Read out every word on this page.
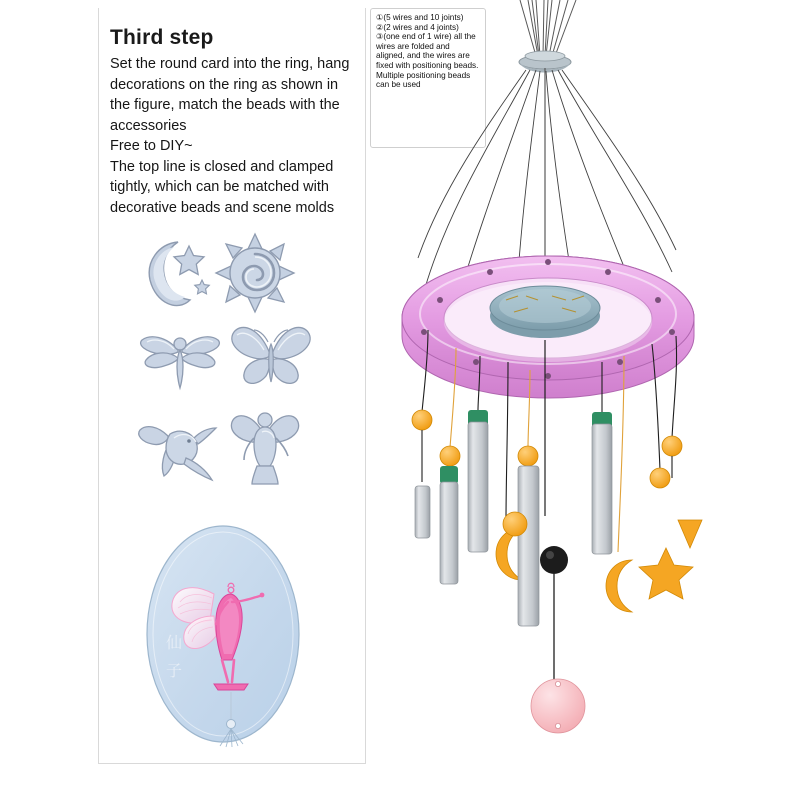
Third step

Set the round card into the ring, hang decorations on the ring as shown in the figure, match the beads with the accessories

Free to DIY~

The top line is closed and clamped tightly, which can be matched with decorative beads and scene molds

①(5 wires and 10 joints)

②(2 wires and 4 joints)

③(one end of 1 wire) all the wires are folded and aligned, and the wires are fixed with positioning beads. Multiple positioning beads can be used

仙
子
